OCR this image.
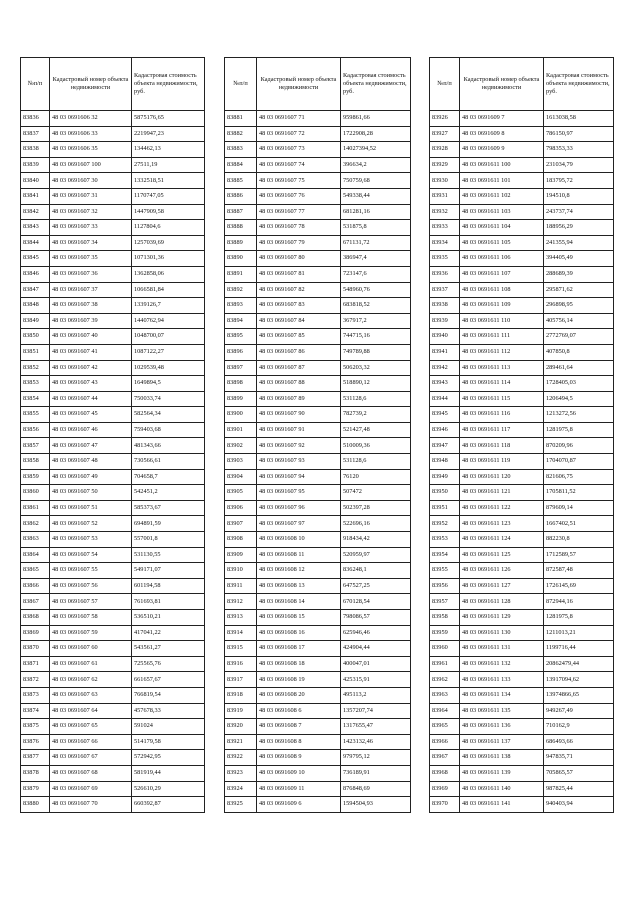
№п/п	Кадастровый номер объекта недвижимости	Кадастровая стоимость объекта недвижимости, руб.
83836	48 03 0691606 32	5875176,65
83837	48 03 0691606 33	2219947,23
83838	48 03 0691606 35	134462,13
83839	48 03 0691607 100	27511,19
83840	48 03 0691607 30	1332518,51
83841	48 03 0691607 31	1170747,05
83842	48 03 0691607 32	1447909,58
83843	48 03 0691607 33	1127804,6
83844	48 03 0691607 34	1257039,69
83845	48 03 0691607 35	1071301,36
83846	48 03 0691607 36	1362858,06
83847	48 03 0691607 37	1066581,84
83848	48 03 0691607 38	1339126,7
83849	48 03 0691607 39	1440762,94
83850	48 03 0691607 40	1048700,07
83851	48 03 0691607 41	1087122,27
83852	48 03 0691607 42	1029539,48
83853	48 03 0691607 43	1649894,5
83854	48 03 0691607 44	750033,74
83855	48 03 0691607 45	582564,34
83856	48 03 0691607 46	759403,68
83857	48 03 0691607 47	481343,66
83858	48 03 0691607 48	730566,61
83859	48 03 0691607 49	704658,7
83860	48 03 0691607 50	542451,2
83861	48 03 0691607 51	585373,67
83862	48 03 0691607 52	694891,59
83863	48 03 0691607 53	557001,8
83864	48 03 0691607 54	531130,55
83865	48 03 0691607 55	549171,07
83866	48 03 0691607 56	601194,58
83867	48 03 0691607 57	761693,81
83868	48 03 0691607 58	536510,21
83869	48 03 0691607 59	417041,22
83870	48 03 0691607 60	543561,27
83871	48 03 0691607 61	725565,76
83872	48 03 0691607 62	661657,67
83873	48 03 0691607 63	766819,54
83874	48 03 0691607 64	457678,33
83875	48 03 0691607 65	591024
83876	48 03 0691607 66	514179,58
83877	48 03 0691607 67	572942,95
83878	48 03 0691607 68	581919,44
83879	48 03 0691607 69	526610,29
83880	48 03 0691607 70	660392,87
№п/п	Кадастровый номер объекта недвижимости	Кадастровая стоимость объекта недвижимости, руб.
83881	48 03 0691607 71	959861,66
83882	48 03 0691607 72	1722908,28
83883	48 03 0691607 73	14027394,52
83884	48 03 0691607 74	396634,2
83885	48 03 0691607 75	750759,68
83886	48 03 0691607 76	549338,44
83887	48 03 0691607 77	681281,16
83888	48 03 0691607 78	531875,8
83889	48 03 0691607 79	671131,72
83890	48 03 0691607 80	386947,4
83891	48 03 0691607 81	723147,6
83892	48 03 0691607 82	548960,76
83893	48 03 0691607 83	683818,52
83894	48 03 0691607 84	367917,2
83895	48 03 0691607 85	744715,16
83896	48 03 0691607 86	749789,88
83897	48 03 0691607 87	506203,32
83898	48 03 0691607 88	518890,12
83899	48 03 0691607 89	531128,6
83900	48 03 0691607 90	782739,2
83901	48 03 0691607 91	521427,48
83902	48 03 0691607 92	510009,36
83903	48 03 0691607 93	531128,6
83904	48 03 0691607 94	76120
83905	48 03 0691607 95	507472
83906	48 03 0691607 96	502397,28
83907	48 03 0691607 97	522696,16
83908	48 03 0691608 10	918434,42
83909	48 03 0691608 11	520959,97
83910	48 03 0691608 12	836248,1
83911	48 03 0691608 13	647527,25
83912	48 03 0691608 14	670128,54
83913	48 03 0691608 15	798086,57
83914	48 03 0691608 16	625946,46
83915	48 03 0691608 17	424904,44
83916	48 03 0691608 18	400047,01
83917	48 03 0691608 19	425315,91
83918	48 03 0691608 20	495113,2
83919	48 03 0691608 6	1357207,74
83920	48 03 0691608 7	1317655,47
83921	48 03 0691608 8	1423132,46
83922	48 03 0691608 9	979795,12
83923	48 03 0691609 10	736189,91
83924	48 03 0691609 11	876848,69
83925	48 03 0691609 6	1594504,93
№п/п	Кадастровый номер объекта недвижимости	Кадастровая стоимость объекта недвижимости, руб.
83926	48 03 0691609 7	1613038,58
83927	48 03 0691609 8	786150,97
83928	48 03 0691609 9	798353,33
83929	48 03 0691611 100	231034,79
83930	48 03 0691611 101	183795,72
83931	48 03 0691611 102	194510,8
83932	48 03 0691611 103	243737,74
83933	48 03 0691611 104	188956,29
83934	48 03 0691611 105	241355,94
83935	48 03 0691611 106	394405,49
83936	48 03 0691611 107	288689,39
83937	48 03 0691611 108	295871,62
83938	48 03 0691611 109	296898,95
83939	48 03 0691611 110	405756,14
83940	48 03 0691611 111	2772769,07
83941	48 03 0691611 112	407850,8
83942	48 03 0691611 113	289461,64
83943	48 03 0691611 114	1728405,03
83944	48 03 0691611 115	1206494,5
83945	48 03 0691611 116	1213272,56
83946	48 03 0691611 117	1281975,8
83947	48 03 0691611 118	870209,96
83948	48 03 0691611 119	1704070,87
83949	48 03 0691611 120	821606,75
83950	48 03 0691611 121	1705811,52
83951	48 03 0691611 122	879609,14
83952	48 03 0691611 123	1667402,51
83953	48 03 0691611 124	882230,8
83954	48 03 0691611 125	1712589,57
83955	48 03 0691611 126	872587,48
83956	48 03 0691611 127	1726145,69
83957	48 03 0691611 128	872944,16
83958	48 03 0691611 129	1281975,8
83959	48 03 0691611 130	1211013,21
83960	48 03 0691611 131	1199716,44
83961	48 03 0691611 132	20862479,44
83962	48 03 0691611 133	13917094,62
83963	48 03 0691611 134	13974866,65
83964	48 03 0691611 135	949267,49
83965	48 03 0691611 136	710162,9
83966	48 03 0691611 137	686493,66
83967	48 03 0691611 138	947835,71
83968	48 03 0691611 139	705865,57
83969	48 03 0691611 140	987825,44
83970	48 03 0691611 141	940403,94
